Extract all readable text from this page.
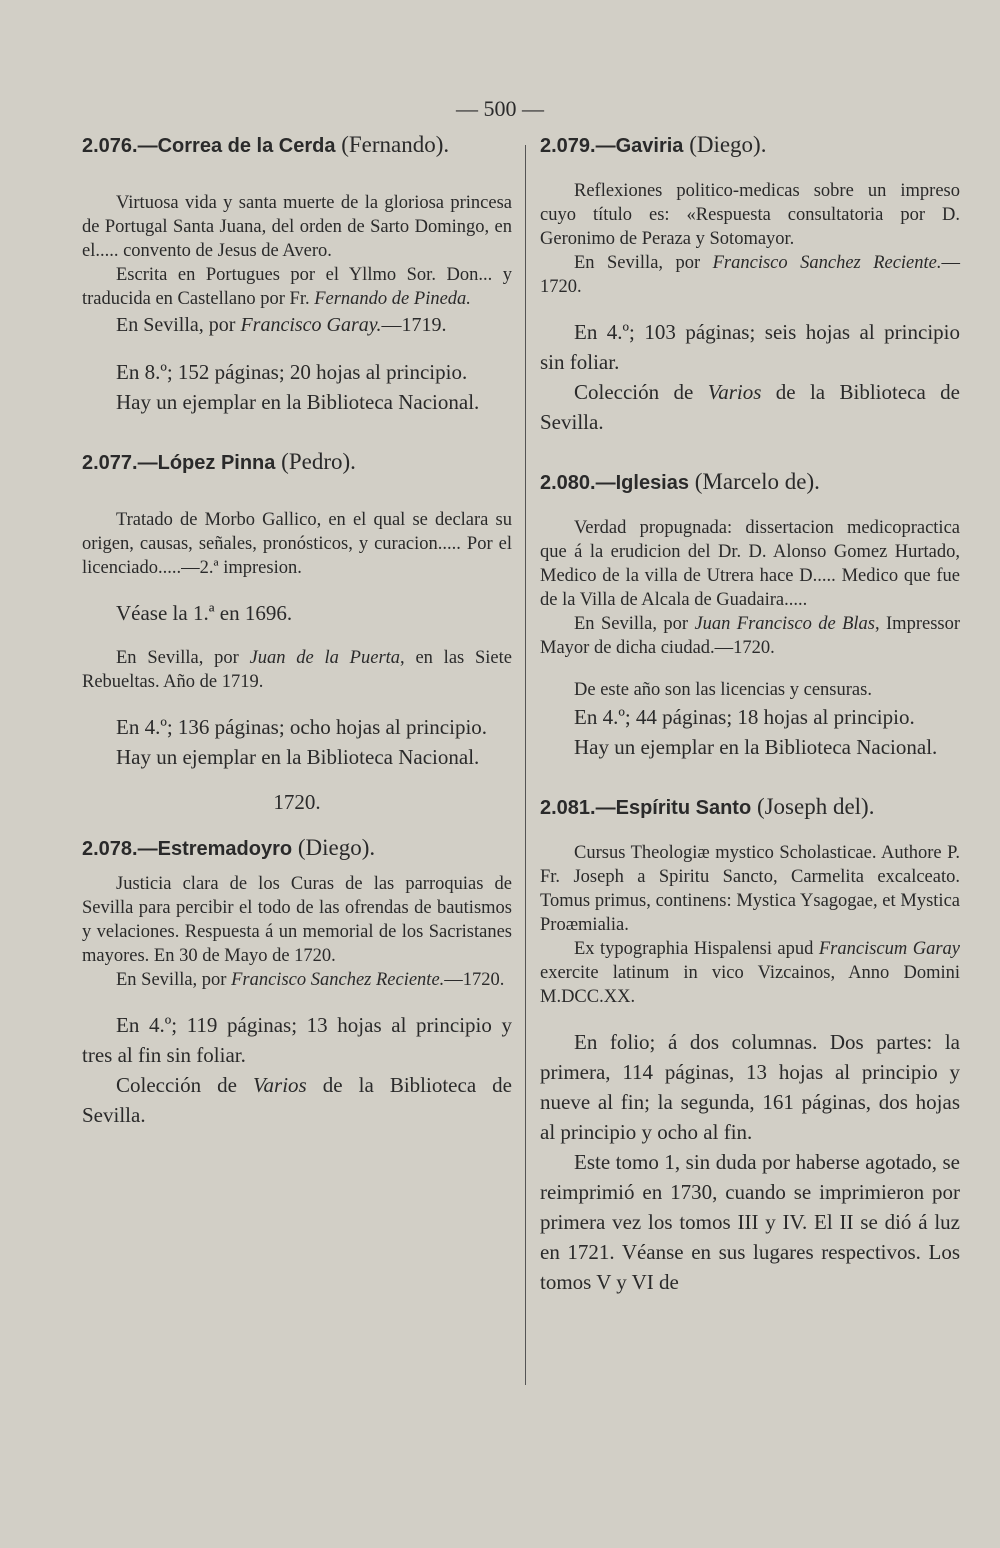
— 500 —

2.076.—Correa de la Cerda (Fernando).

Virtuosa vida y santa muerte de la gloriosa princesa de Portugal Santa Juana, del orden de Sarto Domingo, en el..... convento de Jesus de Avero.

Escrita en Portugues por el Yllmo Sor. Don... y traducida en Castellano por Fr. Fernando de Pineda.

En Sevilla, por Francisco Garay.—1719.

En 8.º; 152 páginas; 20 hojas al principio.

Hay un ejemplar en la Biblioteca Nacional.

2.077.—López Pinna (Pedro).

Tratado de Morbo Gallico, en el qual se declara su origen, causas, señales, pronósticos, y curacion..... Por el licenciado.....—2.ª impresion.

Véase la 1.ª en 1696.

En Sevilla, por Juan de la Puerta, en las Siete Rebueltas. Año de 1719.

En 4.º; 136 páginas; ocho hojas al principio.

Hay un ejemplar en la Biblioteca Nacional.

1720.

2.078.—Estremadoyro (Diego).

Justicia clara de los Curas de las parroquias de Sevilla para percibir el todo de las ofrendas de bautismos y velaciones. Respuesta á un memorial de los Sacristanes mayores. En 30 de Mayo de 1720.

En Sevilla, por Francisco Sanchez Reciente.—1720.

En 4.º; 119 páginas; 13 hojas al principio y tres al fin sin foliar.

Colección de Varios de la Biblioteca de Sevilla.

2.079.—Gaviria (Diego).

Reflexiones politico-medicas sobre un impreso cuyo título es: «Respuesta consultatoria por D. Geronimo de Peraza y Sotomayor.

En Sevilla, por Francisco Sanchez Reciente.—1720.

En 4.º; 103 páginas; seis hojas al principio sin foliar.

Colección de Varios de la Biblioteca de Sevilla.

2.080.—Iglesias (Marcelo de).

Verdad propugnada: dissertacion medicopractica que á la erudicion del Dr. D. Alonso Gomez Hurtado, Medico de la villa de Utrera hace D..... Medico que fue de la Villa de Alcala de Guadaira.....

En Sevilla, por Juan Francisco de Blas, Impressor Mayor de dicha ciudad.—1720.

De este año son las licencias y censuras.

En 4.º; 44 páginas; 18 hojas al principio.

Hay un ejemplar en la Biblioteca Nacional.

2.081.—Espíritu Santo (Joseph del).

Cursus Theologiæ mystico Scholasticae. Authore P. Fr. Joseph a Spiritu Sancto, Carmelita excalceato. Tomus primus, continens: Mystica Ysagogae, et Mystica Proæmialia.

Ex typographia Hispalensi apud Franciscum Garay exercite latinum in vico Vizcainos, Anno Domini M.DCC.XX.

En folio; á dos columnas. Dos partes: la primera, 114 páginas, 13 hojas al principio y nueve al fin; la segunda, 161 páginas, dos hojas al principio y ocho al fin.

Este tomo 1, sin duda por haberse agotado, se reimprimió en 1730, cuando se imprimieron por primera vez los tomos III y IV. El II se dió á luz en 1721. Véanse en sus lugares respectivos. Los tomos V y VI de
